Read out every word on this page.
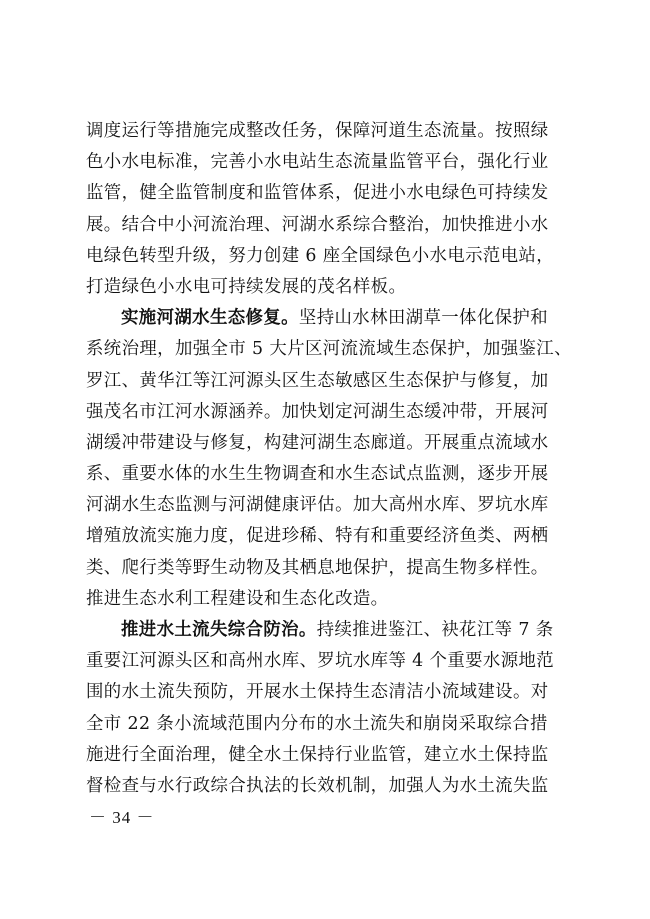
调度运行等措施完成整改任务，保障河道生态流量。按照绿
色小水电标准，完善小水电站生态流量监管平台，强化行业
监管，健全监管制度和监管体系，促进小水电绿色可持续发
展。结合中小河流治理、河湖水系综合整治，加快推进小水
电绿色转型升级，努力创建 6 座全国绿色小水电示范电站，
打造绿色小水电可持续发展的茂名样板。
实施河湖水生态修复。坚持山水林田湖草一体化保护和
系统治理，加强全市 5 大片区河流流域生态保护，加强鉴江、
罗江、黄华江等江河源头区生态敏感区生态保护与修复，加
强茂名市江河水源涵养。加快划定河湖生态缓冲带，开展河
湖缓冲带建设与修复，构建河湖生态廊道。开展重点流域水
系、重要水体的水生生物调查和水生态试点监测，逐步开展
河湖水生态监测与河湖健康评估。加大高州水库、罗坑水库
增殖放流实施力度，促进珍稀、特有和重要经济鱼类、两栖
类、爬行类等野生动物及其栖息地保护，提高生物多样性。
推进生态水利工程建设和生态化改造。
推进水土流失综合防治。持续推进鉴江、袂花江等 7 条
重要江河源头区和高州水库、罗坑水库等 4 个重要水源地范
围的水土流失预防，开展水土保持生态清洁小流域建设。对
全市 22 条小流域范围内分布的水土流失和崩岗采取综合措
施进行全面治理，健全水土保持行业监管，建立水土保持监
督检查与水行政综合执法的长效机制，加强人为水土流失监
－ 34 －
